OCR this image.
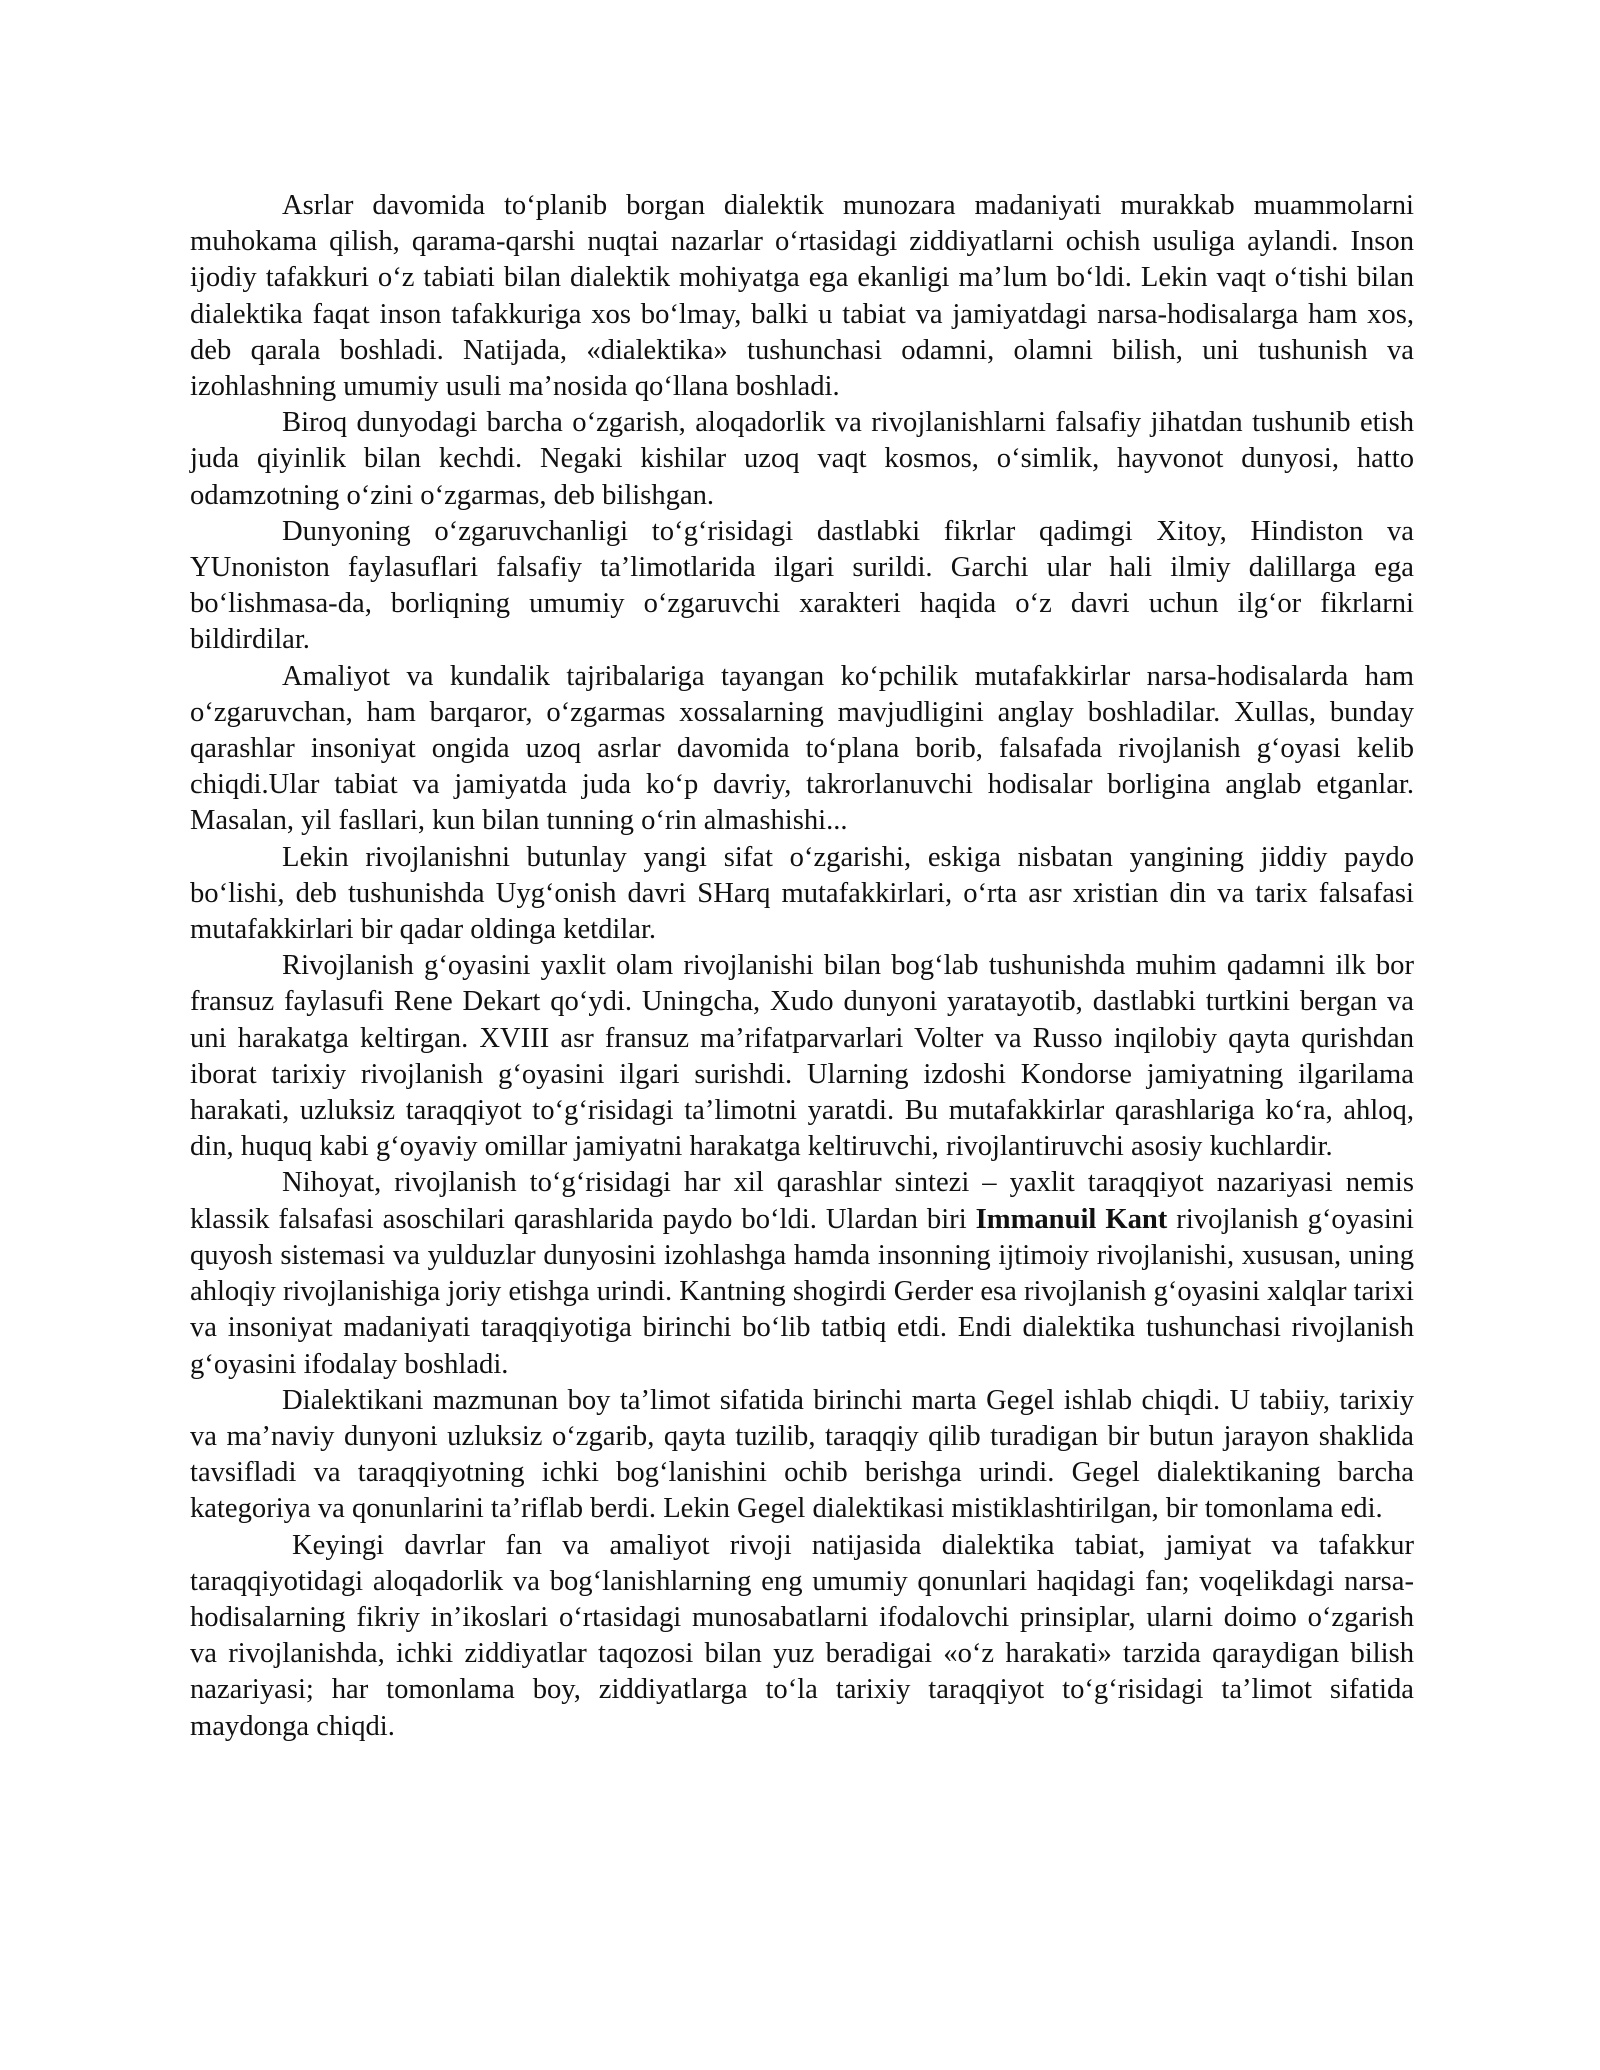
Asrlar davomida to‘planib borgan dialektik munozara madaniyati murakkab muammolarni muhokama qilish, qarama-qarshi nuqtai nazarlar o‘rtasidagi ziddiyatlarni ochish usuliga aylandi. Inson ijodiy tafakkuri o‘z tabiati bilan dialektik mohiyatga ega ekanligi ma’lum bo‘ldi. Lekin vaqt o‘tishi bilan dialektika faqat inson tafakkuriga xos bo‘lmay, balki u tabiat va jamiyatdagi narsa-hodisalarga ham xos, deb qarala boshladi. Natijada, «dialektika» tushunchasi odamni, olamni bilish, uni tushunish va izohlashning umumiy usuli ma’nosida qo‘llana boshladi.

Biroq dunyodagi barcha o‘zgarish, aloqadorlik va rivojlanishlarni falsafiy jihatdan tushunib etish juda qiyinlik bilan kechdi. Negaki kishilar uzoq vaqt kosmos, o‘simlik, hayvonot dunyosi, hatto odamzotning o‘zini o‘zgarmas, deb bilishgan.

Dunyoning o‘zgaruvchanligi to‘g‘risidagi dastlabki fikrlar qadimgi Xitoy, Hindiston va YUnoniston faylasuflari falsafiy ta’limotlarida ilgari surildi. Garchi ular hali ilmiy dalillarga ega bo‘lishmasa-da, borliqning umumiy o‘zgaruvchi xarakteri haqida o‘z davri uchun ilg‘or fikrlarni bildirdilar.

Amaliyot va kundalik tajribalariga tayangan ko‘pchilik mutafakkirlar narsa-hodisalarda ham o‘zgaruvchan, ham barqaror, o‘zgarmas xossalarning mavjudligini anglay boshladilar. Xullas, bunday qarashlar insoniyat ongida uzoq asrlar davomida to‘plana borib, falsafada rivojlanish g‘oyasi kelib chiqdi.Ular tabiat va jamiyatda juda ko‘p davriy, takrorlanuvchi hodisalar borligina anglab etganlar. Masalan, yil fasllari, kun bilan tunning o‘rin almashishi...

Lekin rivojlanishni butunlay yangi sifat o‘zgarishi, eskiga nisbatan yangining jiddiy paydo bo‘lishi, deb tushunishda Uyg‘onish davri SHarq mutafakkirlari, o‘rta asr xristian din va tarix falsafasi mutafakkirlari bir qadar oldinga ketdilar.

Rivojlanish g‘oyasini yaxlit olam rivojlanishi bilan bog‘lab tushunishda muhim qadamni ilk bor fransuz faylasufi Rene Dekart qo‘ydi. Uningcha, Xudo dunyoni yaratayotib, dastlabki turtkini bergan va uni harakatga keltirgan. XVIII asr fransuz ma’rifatparvarlari Volter va Russo inqilobiy qayta qurishdan iborat tarixiy rivojlanish g‘oyasini ilgari surishdi. Ularning izdoshi Kondorse jamiyatning ilgarilama harakati, uzluksiz taraqqiyot to‘g‘risidagi ta’limotni yaratdi. Bu mutafakkirlar qarashlariga ko‘ra, ahloq, din, huquq kabi g‘oyaviy omillar jamiyatni harakatga keltiruvchi, rivojlantiruvchi asosiy kuchlardir.

Nihoyat, rivojlanish to‘g‘risidagi har xil qarashlar sintezi – yaxlit taraqqiyot nazariyasi nemis klassik falsafasi asoschilari qarashlarida paydo bo‘ldi. Ulardan biri Immanuil Kant rivojlanish g‘oyasini quyosh sistemasi va yulduzlar dunyosini izohlashga hamda insonning ijtimoiy rivojlanishi, xususan, uning ahloqiy rivojlanishiga joriy etishga urindi. Kantning shogirdi Gerder esa rivojlanish g‘oyasini xalqlar tarixi va insoniyat madaniyati taraqqiyotiga birinchi bo‘lib tatbiq etdi. Endi dialektika tushunchasi rivojlanish g‘oyasini ifodalay boshladi.

Dialektikani mazmunan boy ta’limot sifatida birinchi marta Gegel ishlab chiqdi. U tabiiy, tarixiy va ma’naviy dunyoni uzluksiz o‘zgarib, qayta tuzilib, taraqqiy qilib turadigan bir butun jarayon shaklida tavsifladi va taraqqiyotning ichki bog‘lanishini ochib berishga urindi. Gegel dialektikaning barcha kategoriya va qonunlarini ta’riflab berdi. Lekin Gegel dialektikasi mistiklashtirilgan, bir tomonlama edi.

Keyingi davrlar fan va amaliyot rivoji natijasida dialektika tabiat, jamiyat va tafakkur taraqqiyotidagi aloqadorlik va bog‘lanishlarning eng umumiy qonunlari haqidagi fan; voqelikdagi narsa-hodisalarning fikriy in’ikoslari o‘rtasidagi munosabatlarni ifodalovchi prinsiplar, ularni doimo o‘zgarish va rivojlanishda, ichki ziddiyatlar taqozosi bilan yuz beradigai «o‘z harakati» tarzida qaraydigan bilish nazariyasi; har tomonlama boy, ziddiyatlarga to‘la tarixiy taraqqiyot to‘g‘risidagi ta’limot sifatida maydonga chiqdi.
